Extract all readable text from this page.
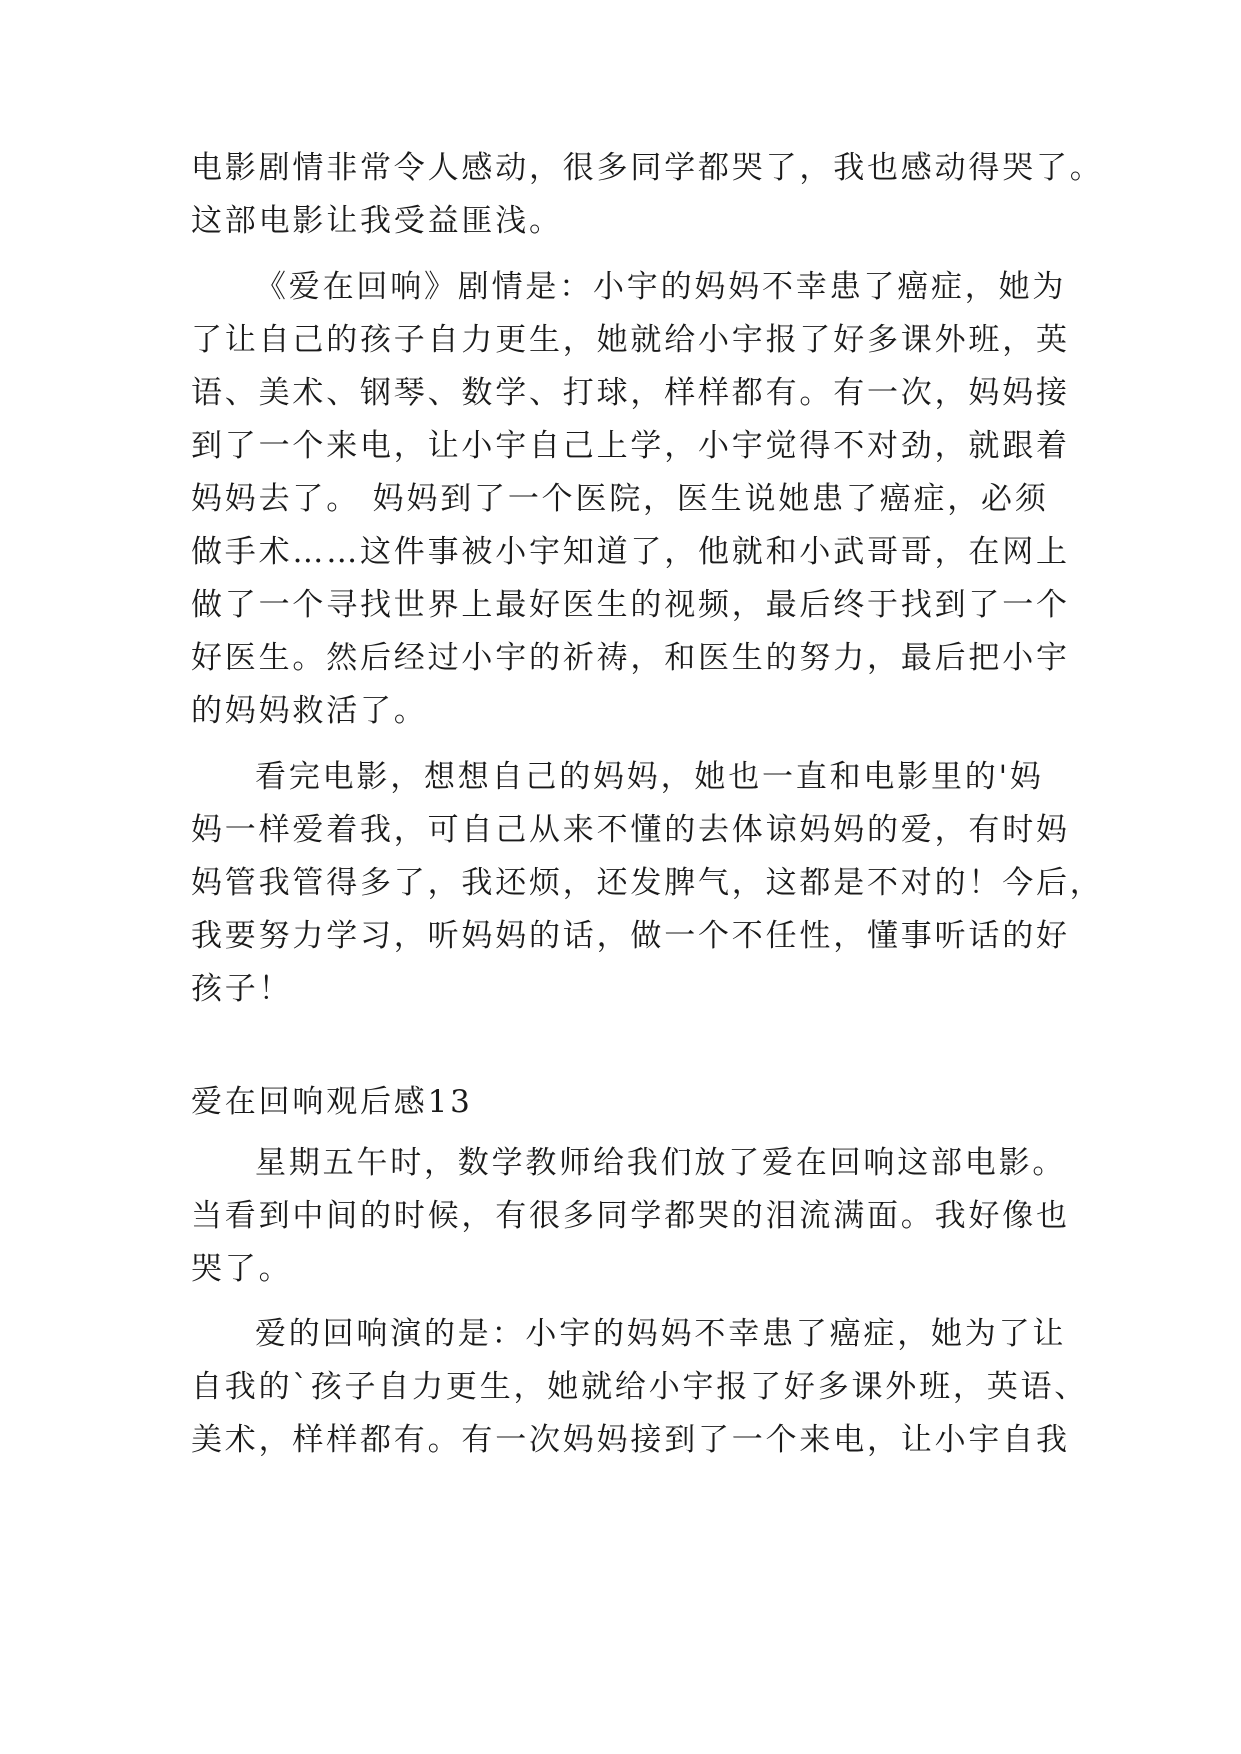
电影剧情非常令人感动，很多同学都哭了，我也感动得哭了。
这部电影让我受益匪浅。
《爱在回响》剧情是：小宇的妈妈不幸患了癌症，她为
了让自己的孩子自力更生，她就给小宇报了好多课外班，英
语、美术、钢琴、数学、打球，样样都有。有一次，妈妈接
到了一个来电，让小宇自己上学，小宇觉得不对劲，就跟着
妈妈去了。 妈妈到了一个医院，医生说她患了癌症，必须
做手术……这件事被小宇知道了，他就和小武哥哥，在网上
做了一个寻找世界上最好医生的视频，最后终于找到了一个
好医生。然后经过小宇的祈祷，和医生的努力，最后把小宇
的妈妈救活了。
看完电影，想想自己的妈妈，她也一直和电影里的'妈
妈一样爱着我，可自己从来不懂的去体谅妈妈的爱，有时妈
妈管我管得多了，我还烦，还发脾气，这都是不对的！今后，
我要努力学习，听妈妈的话，做一个不任性，懂事听话的好
孩子！
爱在回响观后感13
星期五午时，数学教师给我们放了爱在回响这部电影。
当看到中间的时候，有很多同学都哭的泪流满面。我好像也
哭了。
爱的回响演的是：小宇的妈妈不幸患了癌症，她为了让
自我的`孩子自力更生，她就给小宇报了好多课外班，英语、
美术，样样都有。有一次妈妈接到了一个来电，让小宇自我
